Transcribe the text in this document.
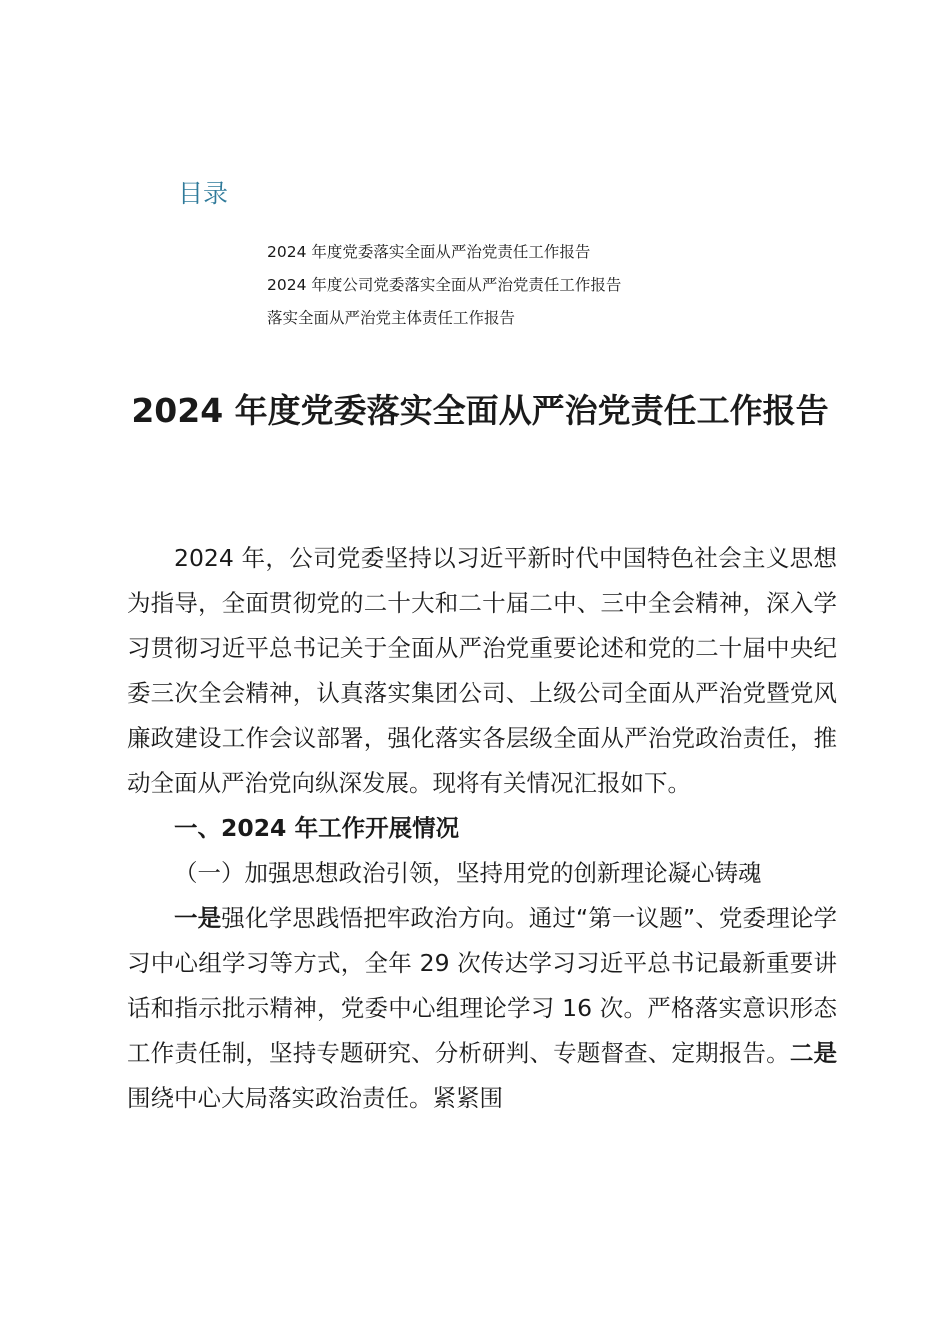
目录
2024 年度党委落实全面从严治党责任工作报告
2024 年度公司党委落实全面从严治党责任工作报告
落实全面从严治党主体责任工作报告
2024 年度党委落实全面从严治党责任工作报告

2024 年，公司党委坚持以习近平新时代中国特色社会主义思想为指导，全面贯彻党的二十大和二十届二中、三中全会精神，深入学习贯彻习近平总书记关于全面从严治党重要论述和党的二十届中央纪委三次全会精神，认真落实集团公司、上级公司全面从严治党暨党风廉政建设工作会议部署，强化落实各层级全面从严治党政治责任，推动全面从严治党向纵深发展。现将有关情况汇报如下。

一、2024 年工作开展情况

（一）加强思想政治引领，坚持用党的创新理论凝心铸魂

一是强化学思践悟把牢政治方向。通过“第一议题”、党委理论学习中心组学习等方式，全年 29 次传达学习习近平总书记最新重要讲话和指示批示精神，党委中心组理论学习 16 次。严格落实意识形态工作责任制，坚持专题研究、分析研判、专题督查、定期报告。二是围绕中心大局落实政治责任。紧紧围
